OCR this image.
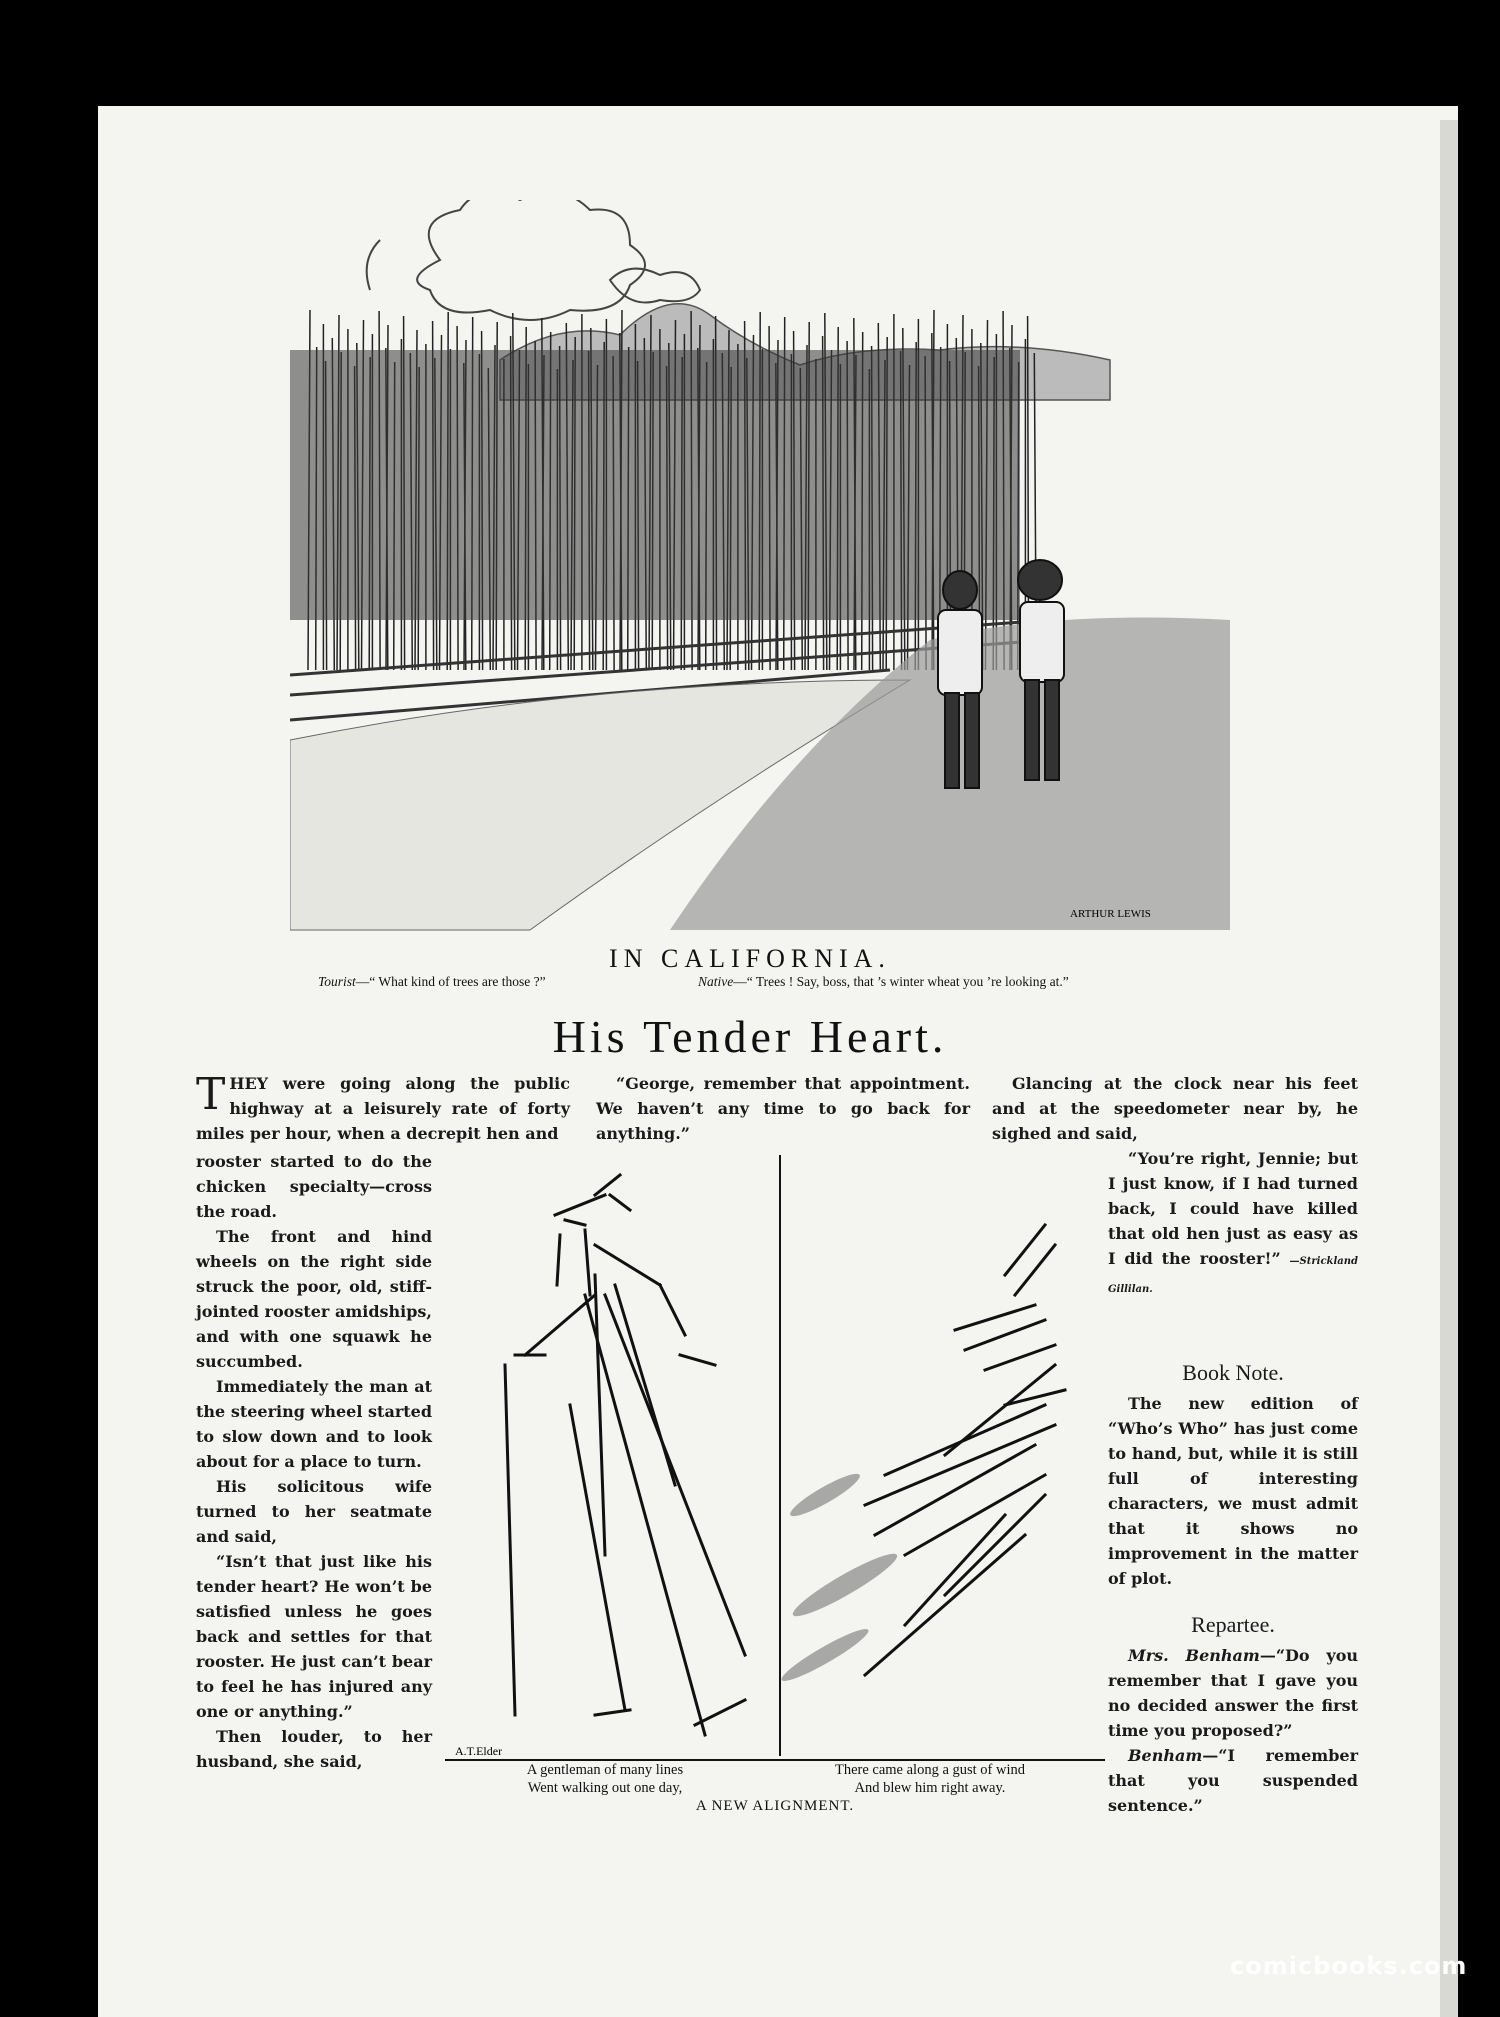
ARTHUR LEWIS
IN CALIFORNIA.
Tourist—“ What kind of trees are those ?”	Native—“ Trees ! Say, boss, that ’s winter wheat you ’re looking at.”
His Tender Heart.

THEY were going along the public highway at a leisurely rate of forty miles per hour, when a decrepit hen and

rooster started to do the chicken specialty—cross the road.

The front and hind wheels on the right side struck the poor, old, stiff-jointed rooster amidships, and with one squawk he succumbed.

Immediately the man at the steering wheel started to slow down and to look about for a place to turn.

His solicitous wife turned to her seatmate and said,

“Isn’t that just like his tender heart? He won’t be satisfied unless he goes back and settles for that rooster. He just can’t bear to feel he has injured any one or anything.”

Then louder, to her husband, she said,

“George, remember that appointment. We haven’t any time to go back for anything.”

Glancing at the clock near his feet and at the speedometer near by, he sighed and said,

“You’re right, Jennie; but I just know, if I had turned back, I could have killed that old hen just as easy as I did the rooster!” —Strickland Gillilan.

Book Note.

The new edition of “Who’s Who” has just come to hand, but, while it is still full of interesting characters, we must admit that it shows no improvement in the matter of plot.

Repartee.

Mrs. Benham—“Do you remember that I gave you no decided answer the first time you proposed?”

Benham—“I remember that you suspended sentence.”

A.T.Elder
A gentleman of many lines
Went walking out one day,
There came along a gust of wind
And blew him right away.
A NEW ALIGNMENT.
comicbooks.com
